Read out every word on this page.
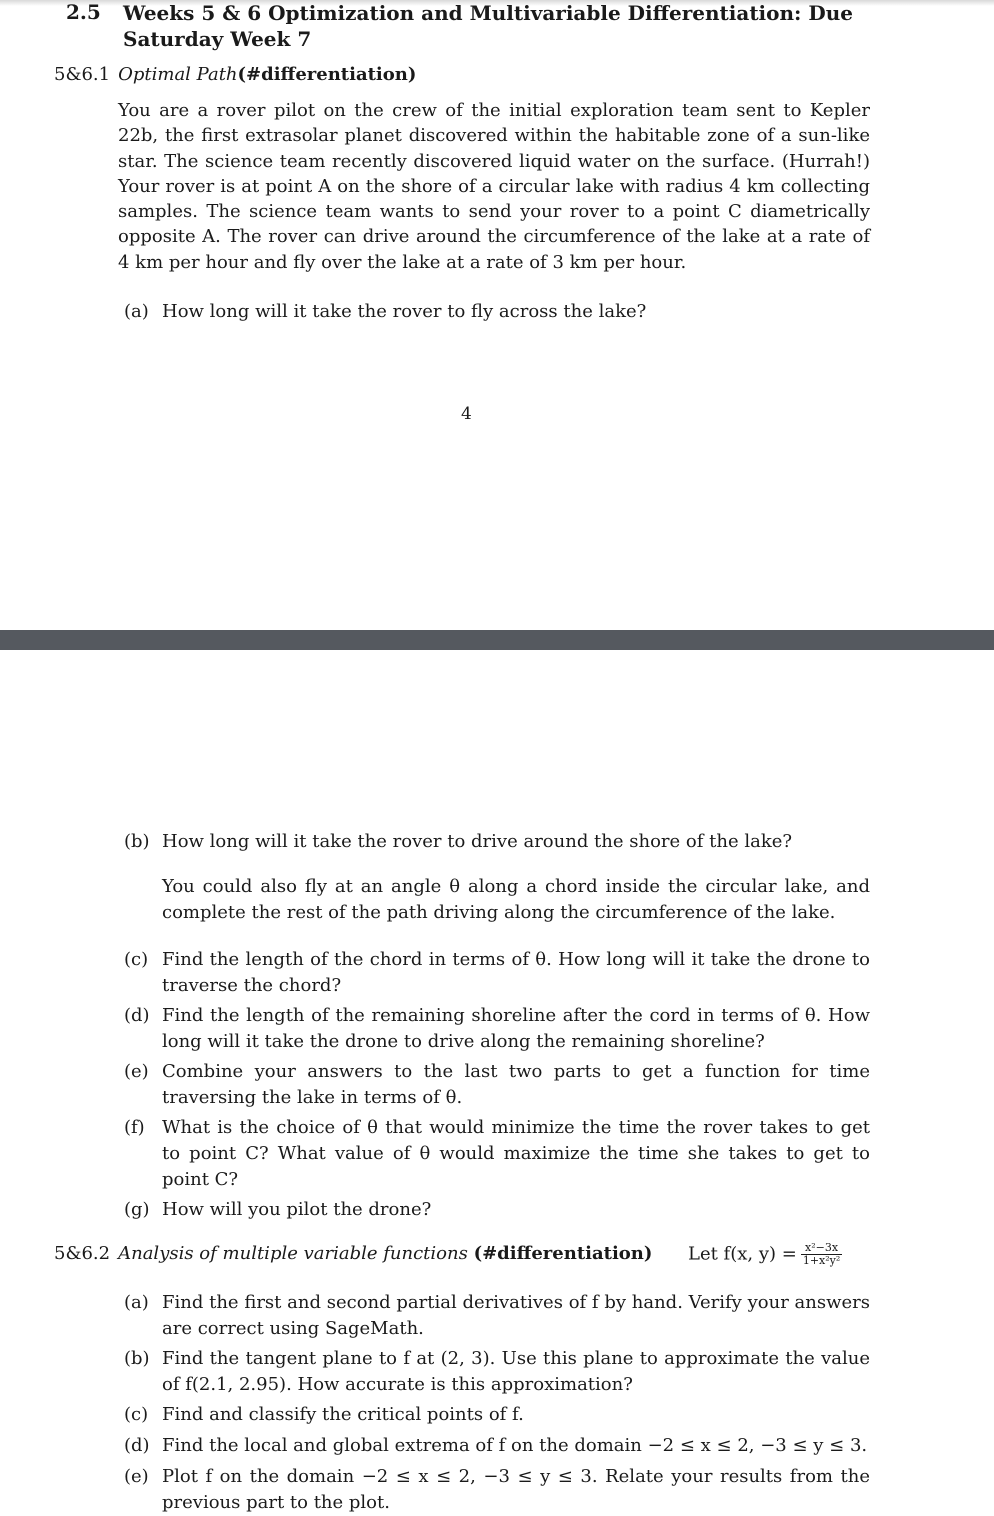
2.5 Weeks 5 & 6 Optimization and Multivariable Differentiation: Due Saturday Week 7
5&6.1 Optimal Path(#differentiation)
You are a rover pilot on the crew of the initial exploration team sent to Kepler 22b, the first extrasolar planet discovered within the habitable zone of a sun-like star. The science team recently discovered liquid water on the surface. (Hurrah!) Your rover is at point A on the shore of a circular lake with radius 4 km collecting samples. The science team wants to send your rover to a point C diametrically opposite A. The rover can drive around the circumference of the lake at a rate of 4 km per hour and fly over the lake at a rate of 3 km per hour.
(a) How long will it take the rover to fly across the lake?
4
(b) How long will it take the rover to drive around the shore of the lake?
You could also fly at an angle θ along a chord inside the circular lake, and complete the rest of the path driving along the circumference of the lake.
(c) Find the length of the chord in terms of θ. How long will it take the drone to traverse the chord?
(d) Find the length of the remaining shoreline after the cord in terms of θ. How long will it take the drone to drive along the remaining shoreline?
(e) Combine your answers to the last two parts to get a function for time traversing the lake in terms of θ.
(f) What is the choice of θ that would minimize the time the rover takes to get to point C? What value of θ would maximize the time she takes to get to point C?
(g) How will you pilot the drone?
5&6.2 Analysis of multiple variable functions (#differentiation) Let f(x, $y) = \frac{\text{x²−3x}}{\text{1+x²y²}}$
(a) Find the first and second partial derivatives of f by hand. Verify your answers are correct using SageMath.
(b) Find the tangent plane to f at (2, 3). Use this plane to approximate the value of f(2.1, 2.95). How accurate is this approximation?
(c) Find and classify the critical points of f.
(d) Find the local and global extrema of f on the domain −2 ≤ x ≤ 2, −3 ≤ y ≤ 3.
(e) Plot f on the domain −2 ≤ x ≤ 2, −3 ≤ y ≤ 3. Relate your results from the previous part to the plot.
